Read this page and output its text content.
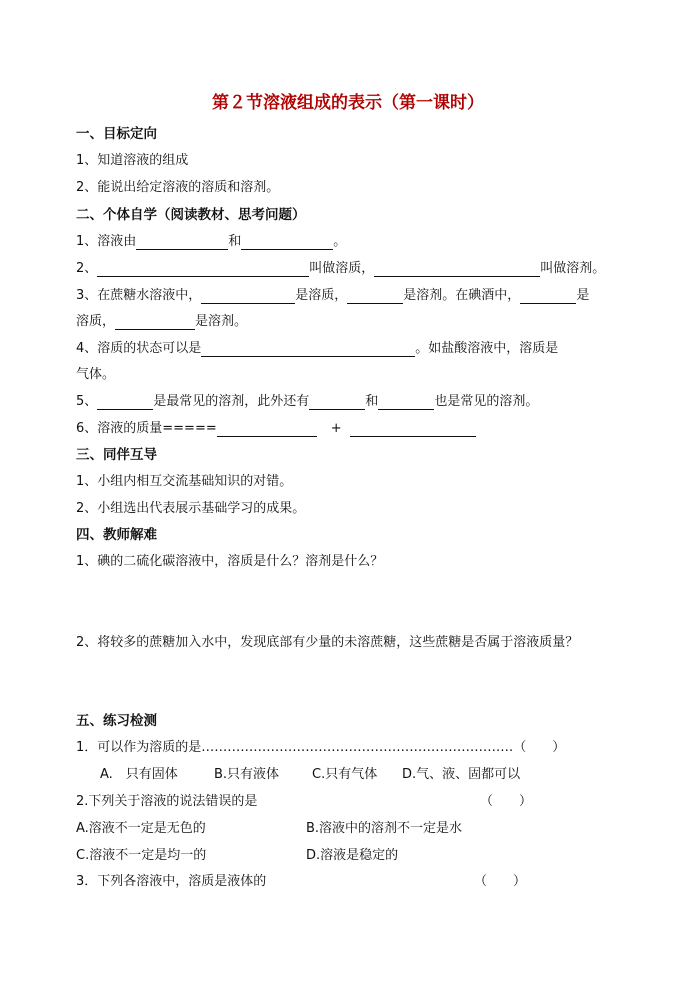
第２节溶液组成的表示（第一课时）
一、目标定向
1、知道溶液的组成
2、能说出给定溶液的溶质和溶剂。
二、个体自学（阅读教材、思考问题）
1、溶液由	和	。
2、	叫做溶质，	叫做溶剂。
3、在蔗糖水溶液中，	是溶质，	是溶剂。在碘酒中，	是
溶质，	是溶剂。
4、溶质的状态可以是	。如盐酸溶液中，溶质是
气体。
5、	是最常见的溶剂，此外还有	和	也是常见的溶剂。
6、溶液的质量=====	+
三、同伴互导
1、小组内相互交流基础知识的对错。
2、小组选出代表展示基础学习的成果。
四、教师解难
1、碘的二硫化碳溶液中，溶质是什么？溶剂是什么？
2、将较多的蔗糖加入水中，发现底部有少量的未溶蔗糖，这些蔗糖是否属于溶液质量？
五、练习检测
1．可以作为溶质的是………………………………………………………………（　　）
A.　只有固体	B.只有液体	C.只有气体 D.气、液、固都可以
2.下列关于溶液的说法错误的是	（　　）
A.溶液不一定是无色的	B.溶液中的溶剂不一定是水
C.溶液不一定是均一的	D.溶液是稳定的
3．下列各溶液中，溶质是液体的	（　　）
